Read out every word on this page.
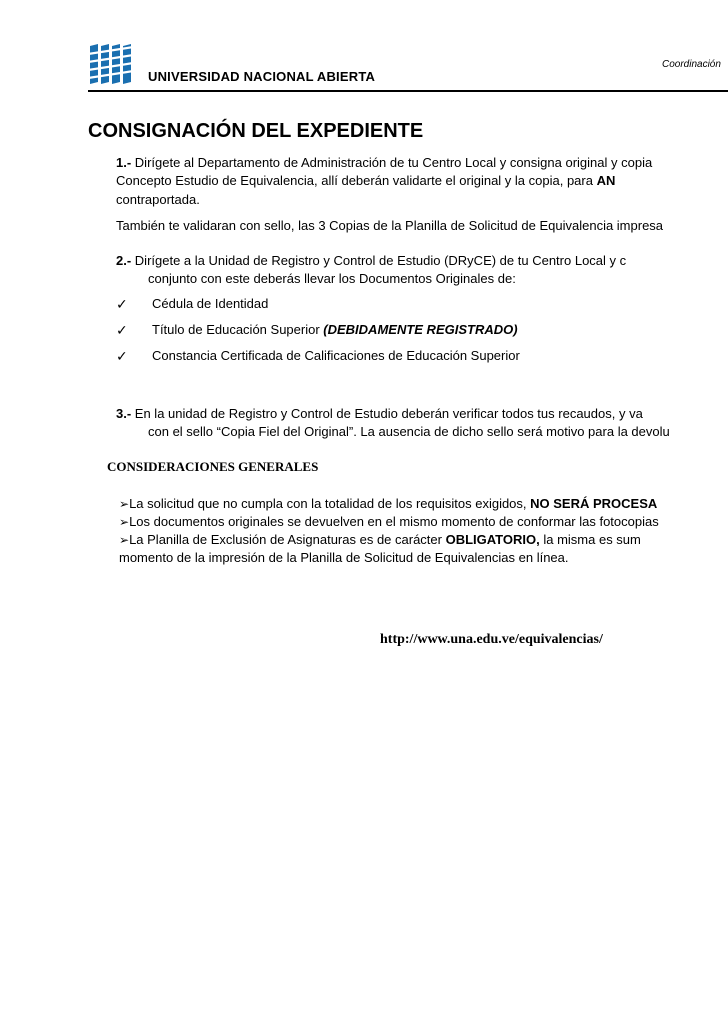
UNIVERSIDAD NACIONAL ABIERTA
Coordinación
CONSIGNACIÓN DEL EXPEDIENTE
1.- Dirígete al Departamento de Administración de tu Centro Local y consigna original y copia
Concepto Estudio de Equivalencia, allí deberán validarte el original y la copia, para AN
contraportada.
También te validaran con sello, las 3 Copias de la Planilla de Solicitud de Equivalencia impresa
2.- Dirígete a la Unidad de Registro y Control de Estudio (DRyCE) de tu Centro Local y c
conjunto con este deberás llevar los Documentos Originales de:
✓ Cédula de Identidad
✓ Título de Educación Superior (DEBIDAMENTE REGISTRADO)
✓ Constancia Certificada de Calificaciones de Educación Superior
3.- En la unidad de Registro y Control de Estudio deberán verificar todos tus recaudos, y va
con el sello “Copia Fiel del Original”. La ausencia de dicho sello será motivo para la devolu
CONSIDERACIONES GENERALES
➢La solicitud que no cumpla con la totalidad de los requisitos exigidos, NO SERÁ PROCESA
➢Los documentos originales se devuelven en el mismo momento de conformar las fotocopias
➢La Planilla de Exclusión de Asignaturas es de carácter OBLIGATORIO, la misma es sum
momento de la impresión de la Planilla de Solicitud de Equivalencias en línea.
http://www.una.edu.ve/equivalencias/
